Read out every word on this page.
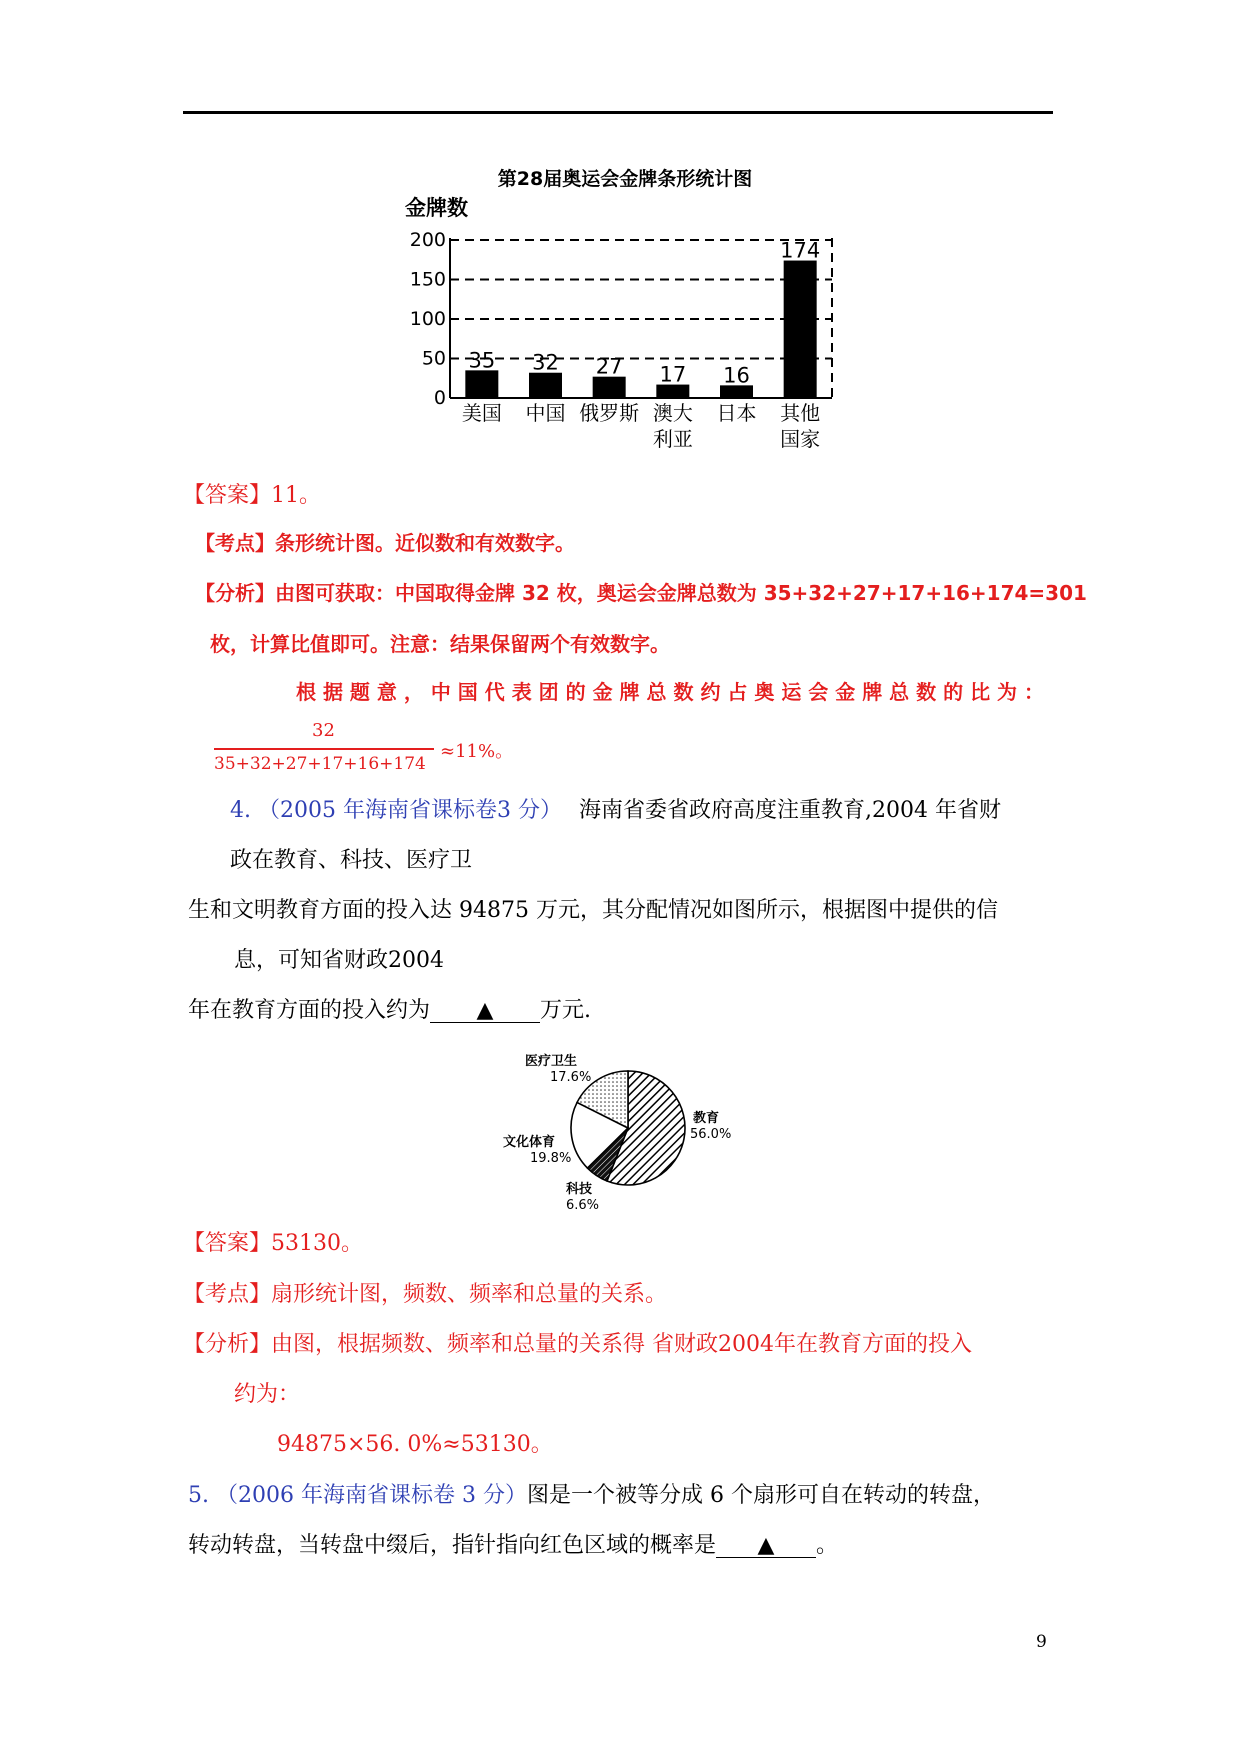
第28届奥运会金牌条形统计图
金牌数
200
150
100
50
0
35 32 27 17 16
174
美国 中国 俄罗斯 澳大
利亚
日本 其他
国家
【答案】11。
【考点】条形统计图。近似数和有效数字。
【分析】由图可获取：中国取得金牌 32 枚，奥运会金牌总数为 35+32+27+17+16+174=301
枚，计算比值即可。注意：结果保留两个有效数字。
根 据 题 意 ， 中 国 代 表 团 的 金 牌 总 数 约 占 奥 运 会 金 牌 总 数 的 比 为 ：
32
35+32+27+17+16+174
≈11%。
4. （2005 年海南省课标卷3 分） 海南省委省政府高度注重教育,2004 年省财
政在教育、科技、医疗卫
生和文明教育方面的投入达 94875 万元，其分配情况如图所示，根据图中提供的信
息，可知省财政2004
年在教育方面的投入约为 ▲ 万元.
医疗卫生
17.6%
教育
56.0%
文化体育
19.8%
科技
6.6%
【答案】53130。
【考点】扇形统计图，频数、频率和总量的关系。
【分析】由图，根据频数、频率和总量的关系得 省财政2004年在教育方面的投入
约为：
94875×56. 0%≈53130。
5. （2006 年海南省课标卷 3 分）图是一个被等分成 6 个扇形可自在转动的转盘，
转动转盘，当转盘中缀后，指针指向红色区域的概率是 ▲ 。
9
